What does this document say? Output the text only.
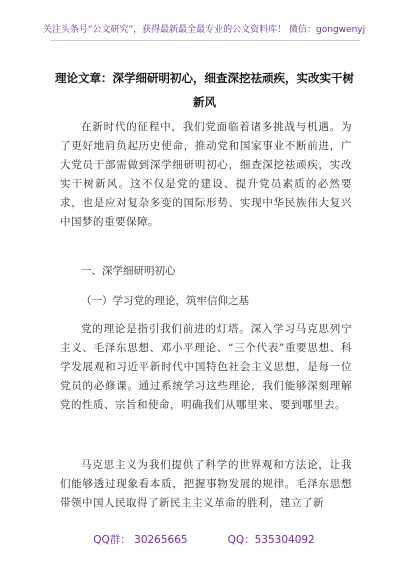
关注头条号“公文研究”，获得最新最全最专业的公文资料库！ 微信：gongwenyj
理论文章：深学细研明初心，细查深挖祛顽疾，实改实干树新风
在新时代的征程中，我们党面临着诸多挑战与机遇。为了更好地肩负起历史使命，推动党和国家事业不断前进，广大党员干部需做到深学细研明初心，细查深挖祛顽疾，实改实干树新风。这不仅是党的建设、提升党员素质的必然要求，也是应对复杂多变的国际形势、实现中华民族伟大复兴中国梦的重要保障。
一、深学细研明初心
（一）学习党的理论，筑牢信仰之基
党的理论是指引我们前进的灯塔。深入学习马克思列宁主义、毛泽东思想、邓小平理论、“三个代表”重要思想、科学发展观和习近平新时代中国特色社会主义思想，是每一位党员的必修课。通过系统学习这些理论，我们能够深刻理解党的性质、宗旨和使命，明确我们从哪里来、要到哪里去。
马克思主义为我们提供了科学的世界观和方法论，让我们能够透过现象看本质，把握事物发展的规律。毛泽东思想带领中国人民取得了新民主主义革命的胜利，建立了新
QQ群： 30265665	QQ：535304092
